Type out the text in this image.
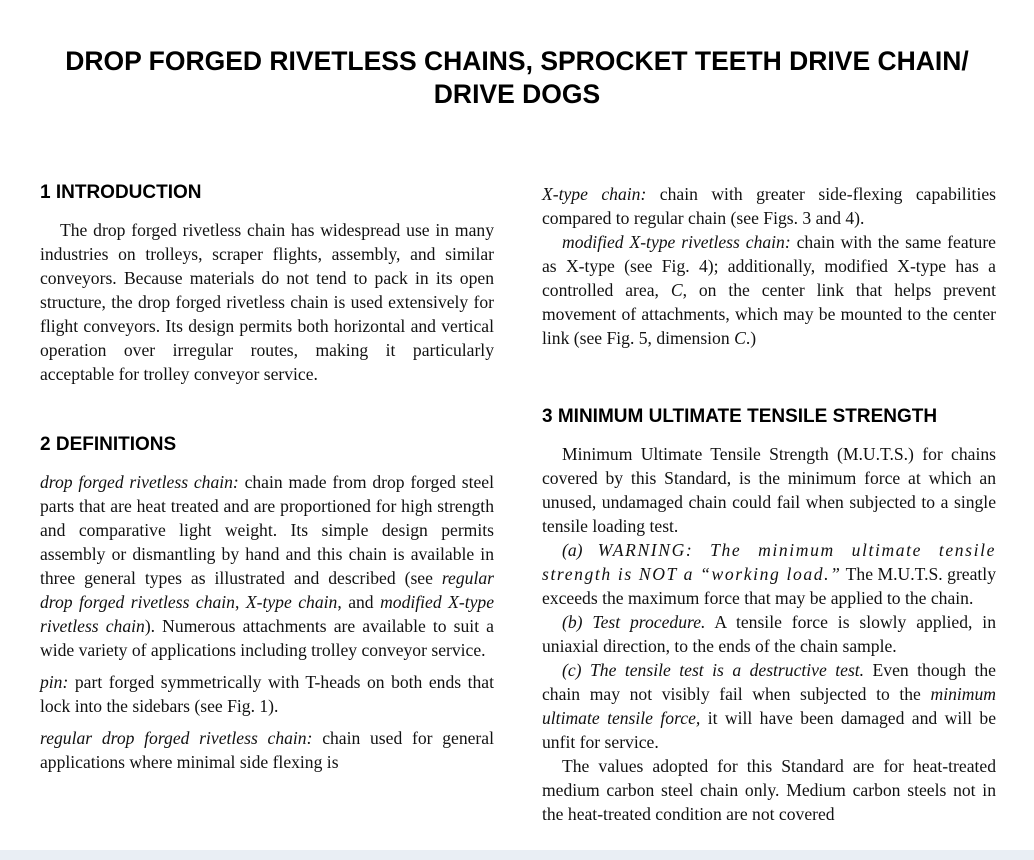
DROP FORGED RIVETLESS CHAINS, SPROCKET TEETH DRIVE CHAIN/
DRIVE DOGS
1 INTRODUCTION

The drop forged rivetless chain has widespread use in many industries on trolleys, scraper flights, assembly, and similar conveyors. Because materials do not tend to pack in its open structure, the drop forged rivetless chain is used extensively for flight conveyors. Its design permits both horizontal and vertical operation over irregular routes, making it particularly acceptable for trolley conveyor service.

2 DEFINITIONS

drop forged rivetless chain: chain made from drop forged steel parts that are heat treated and are proportioned for high strength and comparative light weight. Its simple design permits assembly or dismantling by hand and this chain is available in three general types as illustrated and described (see regular drop forged rivetless chain, X-type chain, and modified X-type rivetless chain). Numerous attachments are available to suit a wide variety of applications including trolley conveyor service.

pin: part forged symmetrically with T-heads on both ends that lock into the sidebars (see Fig. 1).

regular drop forged rivetless chain: chain used for general applications where minimal side flexing is

X-type chain: chain with greater side-flexing capabilities compared to regular chain (see Figs. 3 and 4).

modified X-type rivetless chain: chain with the same feature as X-type (see Fig. 4); additionally, modified X-type has a controlled area, C, on the center link that helps prevent movement of attachments, which may be mounted to the center link (see Fig. 5, dimension C.)

3 MINIMUM ULTIMATE TENSILE STRENGTH

Minimum Ultimate Tensile Strength (M.U.T.S.) for chains covered by this Standard, is the minimum force at which an unused, undamaged chain could fail when subjected to a single tensile loading test.

(a) WARNING: The minimum ultimate tensile strength is NOT a “working load.” The M.U.T.S. greatly exceeds the maximum force that may be applied to the chain.

(b) Test procedure. A tensile force is slowly applied, in uniaxial direction, to the ends of the chain sample.

(c) The tensile test is a destructive test. Even though the chain may not visibly fail when subjected to the minimum ultimate tensile force, it will have been damaged and will be unfit for service.

The values adopted for this Standard are for heat-treated medium carbon steel chain only. Medium carbon steels not in the heat-treated condition are not covered
